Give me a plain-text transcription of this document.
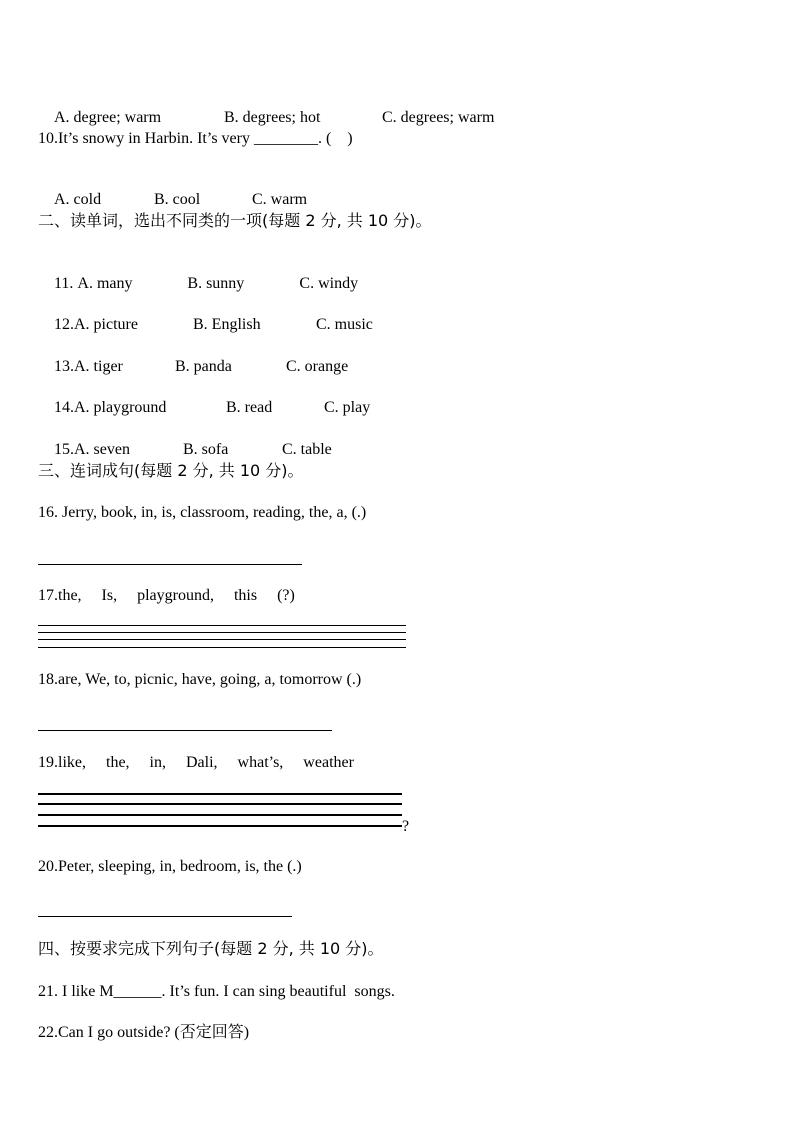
A. degree; warm	B. degrees; hot	C. degrees; warm

10.It’s snowy in Harbin. It’s very ________. (    )

A. cold	B. cool	C. warm

二、读单词，选出不同类的一项(每题 2 分, 共 10 分)。

11. A. many	B. sunny	C. windy

12.A. picture	B. English	C. music

13.A. tiger	B. panda	C. orange

14.A. playground	B. read	C. play

15.A. seven	B. sofa	C. table

三、连词成句(每题 2 分, 共 10 分)。
16. Jerry, book, in, is, classroom, reading, the, a, (.)
17.the,     Is,     playground,     this     (?)
18.are, We, to, picnic, have, going, a, tomorrow (.)
19.like,     the,     in,     Dali,     what’s,     weather
?
20.Peter, sleeping, in, bedroom, is, the (.)
四、按要求完成下列句子(每题 2 分, 共 10 分)。
21. I like M______. It’s fun. I can sing beautiful  songs.
22.Can I go outside? (否定回答)
